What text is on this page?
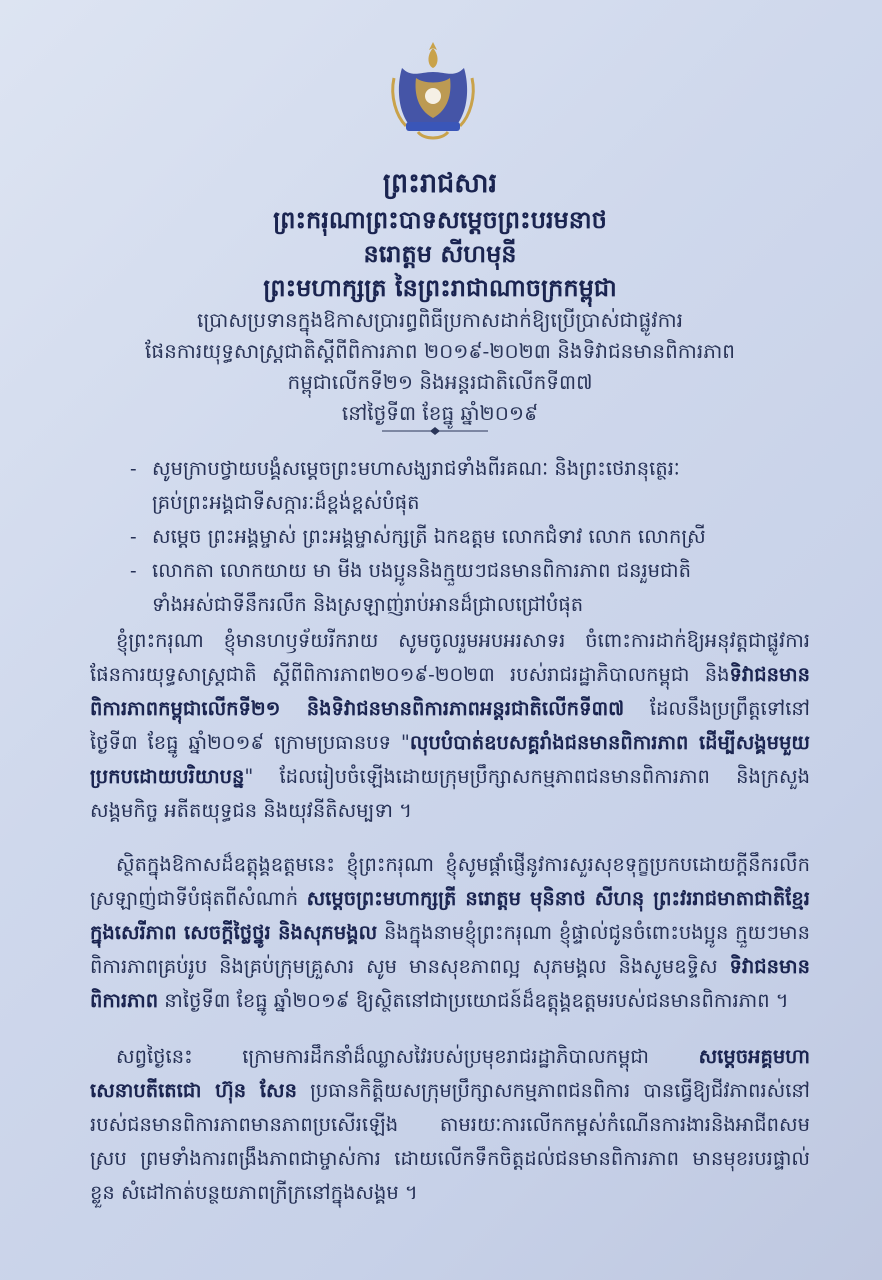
ព្រះរាជសារ
ព្រះករុណាព្រះបាទសម្តេចព្រះបរមនាថ
នរោត្តម សីហមុនី
ព្រះមហាក្សត្រ នៃព្រះរាជាណាចក្រកម្ពុជា
ប្រោសប្រទានក្នុងឱកាសប្រារព្ធពិធីប្រកាសដាក់ឱ្យប្រើប្រាស់ជាផ្លូវការ
ផែនការយុទ្ធសាស្ត្រជាតិស្តីពីពិការភាព ២០១៩-២០២៣ និងទិវាជនមានពិការភាព
កម្ពុជាលើកទី២១ និងអន្តរជាតិលើកទី៣៧
នៅថ្ងៃទី៣ ខែធ្នូ ឆ្នាំ២០១៩
- សូមក្រាបថ្វាយបង្គំសម្តេចព្រះមហាសង្ឃរាជទាំងពីរគណៈ និងព្រះថេរានុត្ថេរៈ
គ្រប់ព្រះអង្គជាទីសក្ការៈដ៏ខ្ពង់ខ្ពស់បំផុត
- សម្តេច ព្រះអង្គម្ចាស់ ព្រះអង្គម្ចាស់ក្សត្រី ឯកឧត្តម លោកជំទាវ លោក លោកស្រី
- លោកតា លោកយាយ មា មីង បងប្អូននិងក្មួយៗជនមានពិការភាព ជនរួមជាតិ
ទាំងអស់ជាទីនឹករលឹក និងស្រឡាញ់រាប់អានដ៏ជ្រាលជ្រៅបំផុត
ខ្ញុំព្រះករុណា ខ្ញុំមានហឫទ័យរីករាយ សូមចូលរួមអបអរសាទរ ចំពោះការដាក់ឱ្យអនុវត្តជាផ្លូវការផែនការយុទ្ធសាស្ត្រជាតិ ស្តីពីពិការភាព២០១៩-២០២៣ របស់រាជរដ្ឋាភិបាលកម្ពុជា និងទិវាជនមានពិការភាពកម្ពុជាលើកទី២១ និងទិវាជនមានពិការភាពអន្តរជាតិលើកទី៣៧ ដែលនឹងប្រព្រឹត្តទៅនៅថ្ងៃទី៣ ខែធ្នូ ឆ្នាំ២០១៩ ក្រោមប្រធានបទ "លុបបំបាត់ឧបសគ្គរាំងជនមានពិការភាព ដើម្បីសង្គមមួយប្រកបដោយបរិយាបន្ន" ដែលរៀបចំឡើងដោយក្រុមប្រឹក្សាសកម្មភាពជនមានពិការភាព និងក្រសួងសង្គមកិច្ច អតីតយុទ្ធជន និងយុវនីតិសម្បទា ។
ស្ថិតក្នុងឱកាសដ៏ឧត្តុង្គឧត្តមនេះ ខ្ញុំព្រះករុណា ខ្ញុំសូមផ្តាំផ្ញើនូវការសួរសុខទុក្ខប្រកបដោយក្តីនឹករលឹកស្រឡាញ់ជាទីបំផុតពីសំណាក់ សម្តេចព្រះមហាក្សត្រី នរោត្តម មុនិនាថ សីហនុ ព្រះវររាជមាតាជាតិខ្មែរ ក្នុងសេរីភាព សេចក្តីថ្លៃថ្នូរ និងសុភមង្គល និងក្នុងនាមខ្ញុំព្រះករុណា ខ្ញុំផ្ទាល់ជូនចំពោះបងប្អូន ក្មួយៗមានពិការភាពគ្រប់រូប និងគ្រប់ក្រុមគ្រួសារ សូម មានសុខភាពល្អ សុភមង្គល និងសូមឧទ្ទិស ទិវាជនមានពិការភាព នាថ្ងៃទី៣ ខែធ្នូ ឆ្នាំ២០១៩ ឱ្យស្ថិតនៅជាប្រយោជន៍ដ៏ឧត្តុង្គឧត្តមរបស់ជនមានពិការភាព ។
សព្វថ្ងៃនេះ ក្រោមការដឹកនាំដ៏ឈ្លាសវៃរបស់ប្រមុខរាជរដ្ឋាភិបាលកម្ពុជា សម្តេចអគ្គមហាសេនាបតីតេជោ ហ៊ុន សែន ប្រធានកិត្តិយសក្រុមប្រឹក្សាសកម្មភាពជនពិការ បានធ្វើឱ្យជីវភាពរស់នៅរបស់ជនមានពិការភាពមានភាពប្រសើរឡើង តាមរយៈការលើកកម្ពស់កំណើនការងារនិងអាជីពសមស្រប ព្រមទាំងការពង្រឹងភាពជាម្ចាស់ការ ដោយលើកទឹកចិត្តដល់ជនមានពិការភាព មានមុខរបរផ្ទាល់ខ្លួន សំដៅកាត់បន្ថយភាពក្រីក្រនៅក្នុងសង្គម ។
